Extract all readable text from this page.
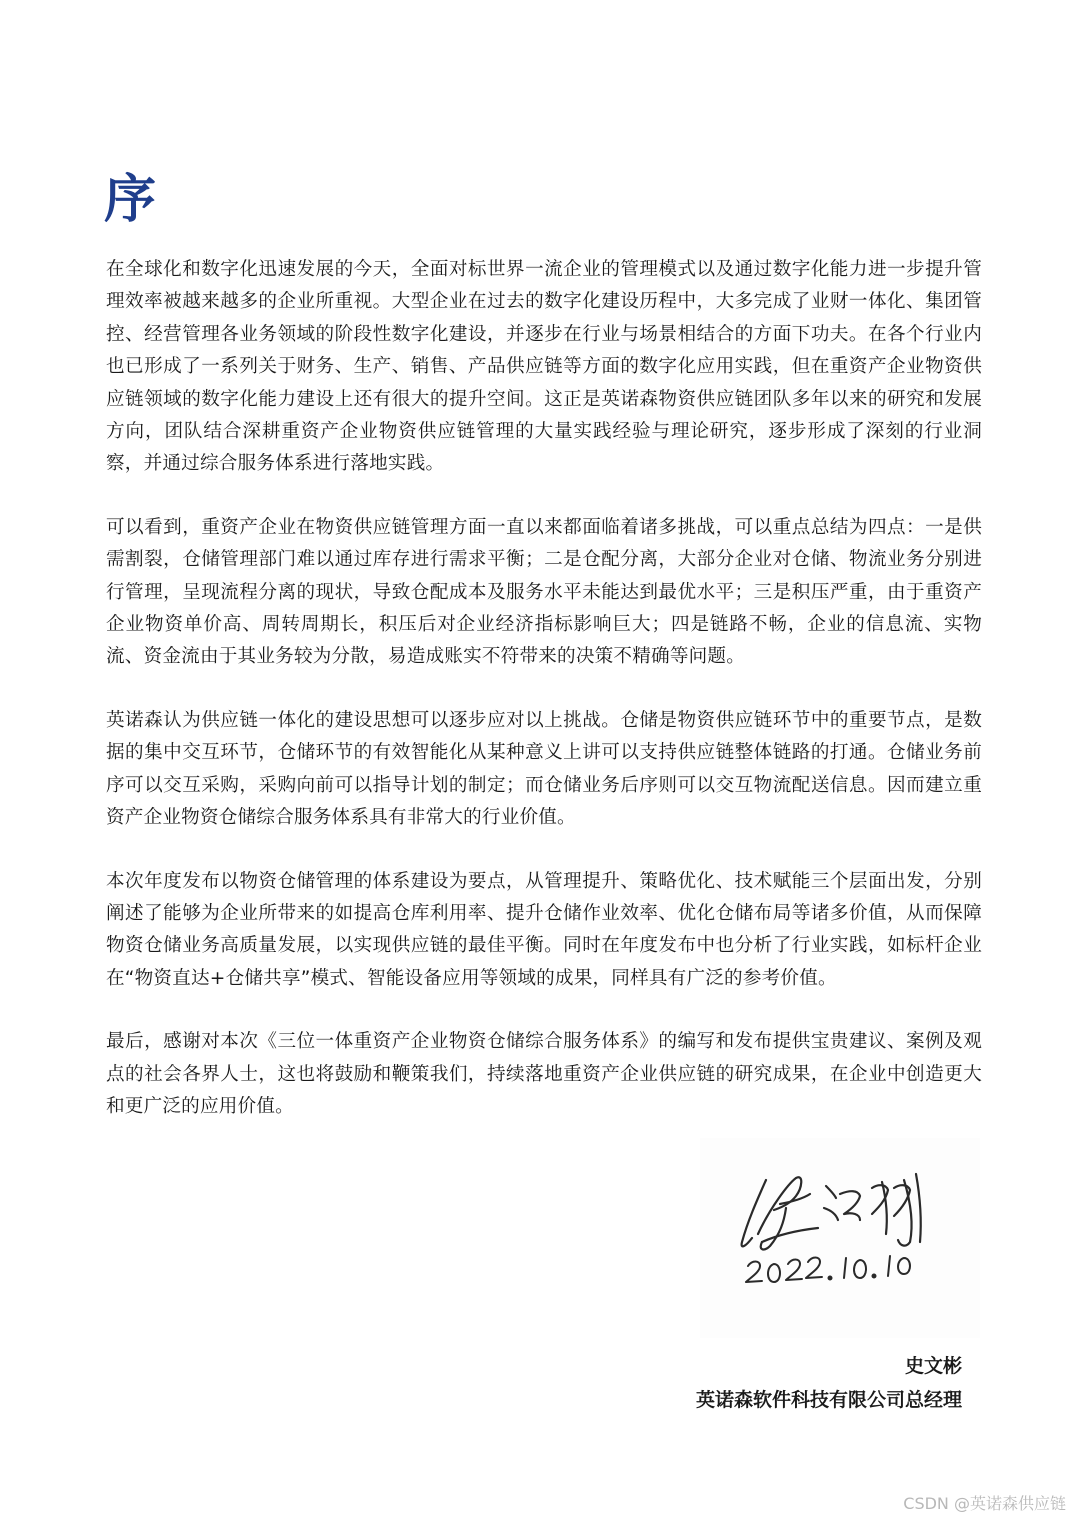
序

在全球化和数字化迅速发展的今天，全面对标世界一流企业的管理模式以及通过数字化能力进一步提升管理效率被越来越多的企业所重视。大型企业在过去的数字化建设历程中，大多完成了业财一体化、集团管控、经营管理各业务领域的阶段性数字化建设，并逐步在行业与场景相结合的方面下功夫。在各个行业内也已形成了一系列关于财务、生产、销售、产品供应链等方面的数字化应用实践，但在重资产企业物资供应链领域的数字化能力建设上还有很大的提升空间。这正是英诺森物资供应链团队多年以来的研究和发展方向，团队结合深耕重资产企业物资供应链管理的大量实践经验与理论研究，逐步形成了深刻的行业洞察，并通过综合服务体系进行落地实践。

可以看到，重资产企业在物资供应链管理方面一直以来都面临着诸多挑战，可以重点总结为四点：一是供需割裂，仓储管理部门难以通过库存进行需求平衡；二是仓配分离，大部分企业对仓储、物流业务分别进行管理，呈现流程分离的现状，导致仓配成本及服务水平未能达到最优水平；三是积压严重，由于重资产企业物资单价高、周转周期长，积压后对企业经济指标影响巨大；四是链路不畅，企业的信息流、实物流、资金流由于其业务较为分散，易造成账实不符带来的决策不精确等问题。

英诺森认为供应链一体化的建设思想可以逐步应对以上挑战。仓储是物资供应链环节中的重要节点，是数据的集中交互环节，仓储环节的有效智能化从某种意义上讲可以支持供应链整体链路的打通。仓储业务前序可以交互采购，采购向前可以指导计划的制定；而仓储业务后序则可以交互物流配送信息。因而建立重资产企业物资仓储综合服务体系具有非常大的行业价值。

本次年度发布以物资仓储管理的体系建设为要点，从管理提升、策略优化、技术赋能三个层面出发，分别阐述了能够为企业所带来的如提高仓库利用率、提升仓储作业效率、优化仓储布局等诸多价值，从而保障物资仓储业务高质量发展，以实现供应链的最佳平衡。同时在年度发布中也分析了行业实践，如标杆企业在“物资直达+仓储共享”模式、智能设备应用等领域的成果，同样具有广泛的参考价值。

最后，感谢对本次《三位一体重资产企业物资仓储综合服务体系》的编写和发布提供宝贵建议、案例及观点的社会各界人士，这也将鼓励和鞭策我们，持续落地重资产企业供应链的研究成果，在企业中创造更大和更广泛的应用价值。

史文彬
英诺森软件科技有限公司总经理
CSDN @英诺森供应链
